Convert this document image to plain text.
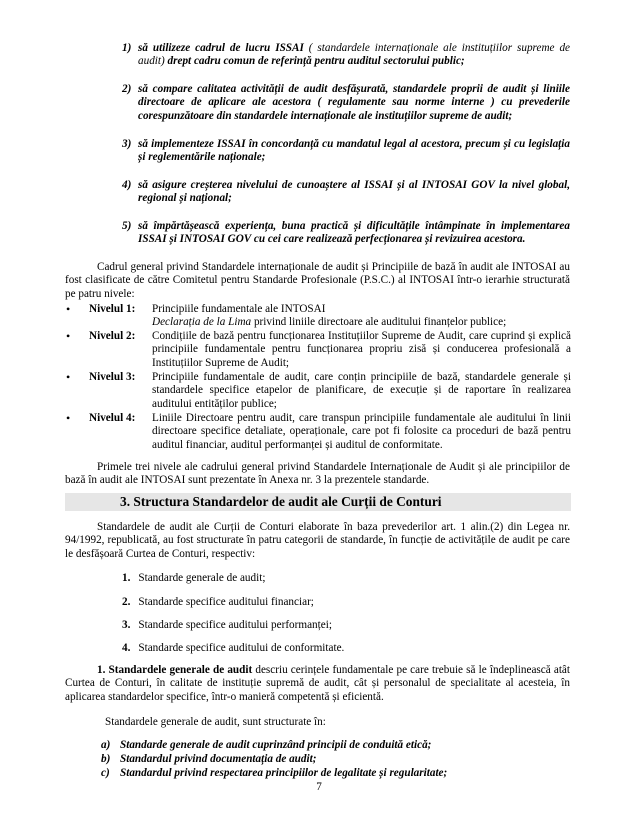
1) să utilizeze cadrul de lucru ISSAI ( standardele internaționale ale instituțiilor supreme de audit) drept cadru comun de referință pentru auditul sectorului public;
2) să compare calitatea activității de audit desfășurată, standardele proprii de audit și liniile directoare de aplicare ale acestora ( regulamente sau norme interne ) cu prevederile corespunzătoare din standardele internaționale ale instituțiilor supreme de audit;
3) să implementeze ISSAI în concordanță cu mandatul legal al acestora, precum și cu legislația și reglementările naționale;
4) să asigure creșterea nivelului de cunoaștere al ISSAI și al INTOSAI GOV la nivel global, regional și național;
5) să împărtășească experiența, buna practică și dificultățile întâmpinate în implementarea ISSAI și INTOSAI GOV cu cei care realizează perfecționarea și revizuirea acestora.
Cadrul general privind Standardele internaționale de audit și Principiile de bază în audit ale INTOSAI au fost clasificate de către Comitetul pentru Standarde Profesionale (P.S.C.) al INTOSAI într-o ierarhie structurată pe patru nivele:
• Nivelul 1: Principiile fundamentale ale INTOSAI
Declarația de la Lima privind liniile directoare ale auditului finanțelor publice;
• Nivelul 2: Condițiile de bază pentru funcționarea Instituțiilor Supreme de Audit, care cuprind și explică principiile fundamentale pentru funcționarea propriu zisă și conducerea profesională a Instituțiilor Supreme de Audit;
• Nivelul 3: Principiile fundamentale de audit, care conțin principiile de bază, standardele generale și standardele specifice etapelor de planificare, de execuție și de raportare în realizarea auditului entităților publice;
• Nivelul 4: Liniile Directoare pentru audit, care transpun principiile fundamentale ale auditului în linii directoare specifice detaliate, operaționale, care pot fi folosite ca proceduri de bază pentru auditul financiar, auditul performanței și auditul de conformitate.
Primele trei nivele ale cadrului general privind Standardele Internaționale de Audit și ale principiilor de bază în audit ale INTOSAI sunt prezentate în Anexa nr. 3 la prezentele standarde.
3. Structura Standardelor de audit ale Curții de Conturi
Standardele de audit ale Curții de Conturi elaborate în baza prevederilor art. 1 alin.(2) din Legea nr. 94/1992, republicată, au fost structurate în patru categorii de standarde, în funcție de activitățile de audit pe care le desfășoară Curtea de Conturi, respectiv:
1. Standarde generale de audit;
2. Standarde specifice auditului financiar;
3. Standarde specifice auditului performanței;
4. Standarde specifice auditului de conformitate.
1. Standardele generale de audit descriu cerințele fundamentale pe care trebuie să le îndeplinească atât Curtea de Conturi, în calitate de instituție supremă de audit, cât și personalul de specialitate al acesteia, în aplicarea standardelor specifice, într-o manieră competentă și eficientă.
Standardele generale de audit, sunt structurate în:
a) Standarde generale de audit cuprinzând principii de conduită etică;
b) Standardul privind documentația de audit;
c) Standardul privind respectarea principiilor de legalitate și regularitate;
7
